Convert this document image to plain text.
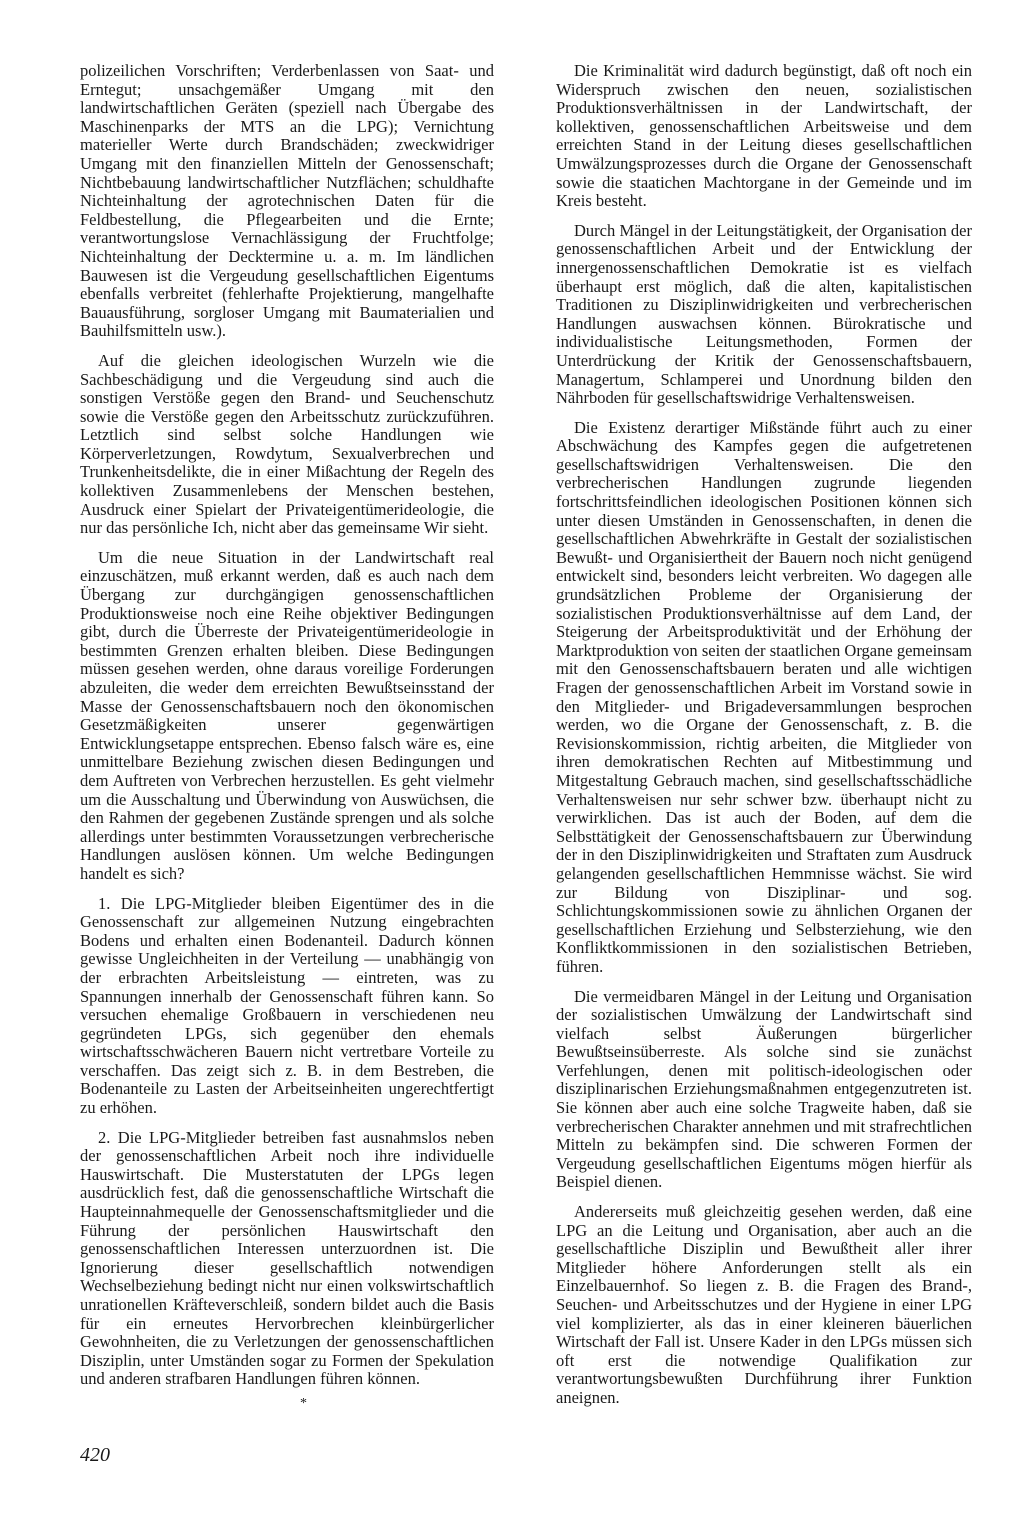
polizeilichen Vorschriften; Verderbenlassen von Saat- und Erntegut; unsachgemäßer Umgang mit den landwirtschaftlichen Geräten (speziell nach Übergabe des Maschinenparks der MTS an die LPG); Vernichtung materieller Werte durch Brandschäden; zweckwidriger Umgang mit den finanziellen Mitteln der Genossenschaft; Nichtbebauung landwirtschaftlicher Nutzflächen; schuldhafte Nichteinhaltung der agrotechnischen Daten für die Feldbestellung, die Pflegearbeiten und die Ernte; verantwortungslose Vernachlässigung der Fruchtfolge; Nichteinhaltung der Decktermine u. a. m. Im ländlichen Bauwesen ist die Vergeudung gesellschaftlichen Eigentums ebenfalls verbreitet (fehlerhafte Projektierung, mangelhafte Bauausführung, sorgloser Umgang mit Baumaterialien und Bauhilfsmitteln usw.).

Auf die gleichen ideologischen Wurzeln wie die Sachbeschädigung und die Vergeudung sind auch die sonstigen Verstöße gegen den Brand- und Seuchenschutz sowie die Verstöße gegen den Arbeitsschutz zurückzuführen. Letztlich sind selbst solche Handlungen wie Körperverletzungen, Rowdytum, Sexualverbrechen und Trunkenheitsdelikte, die in einer Mißachtung der Regeln des kollektiven Zusammenlebens der Menschen bestehen, Ausdruck einer Spielart der Privateigentümerideologie, die nur das persönliche Ich, nicht aber das gemeinsame Wir sieht.

Um die neue Situation in der Landwirtschaft real einzuschätzen, muß erkannt werden, daß es auch nach dem Übergang zur durchgängigen genossenschaftlichen Produktionsweise noch eine Reihe objektiver Bedingungen gibt, durch die Überreste der Privateigentümerideologie in bestimmten Grenzen erhalten bleiben. Diese Bedingungen müssen gesehen werden, ohne daraus voreilige Forderungen abzuleiten, die weder dem erreichten Bewußtseinsstand der Masse der Genossenschaftsbauern noch den ökonomischen Gesetzmäßigkeiten unserer gegenwärtigen Entwicklungsetappe entsprechen. Ebenso falsch wäre es, eine unmittelbare Beziehung zwischen diesen Bedingungen und dem Auftreten von Verbrechen herzustellen. Es geht vielmehr um die Ausschaltung und Überwindung von Auswüchsen, die den Rahmen der gegebenen Zustände sprengen und als solche allerdings unter bestimmten Voraussetzungen verbrecherische Handlungen auslösen können. Um welche Bedingungen handelt es sich?

1. Die LPG-Mitglieder bleiben Eigentümer des in die Genossenschaft zur allgemeinen Nutzung eingebrachten Bodens und erhalten einen Bodenanteil. Dadurch können gewisse Ungleichheiten in der Verteilung — unabhängig von der erbrachten Arbeitsleistung — eintreten, was zu Spannungen innerhalb der Genossenschaft führen kann. So versuchen ehemalige Großbauern in verschiedenen neu gegründeten LPGs, sich gegenüber den ehemals wirtschaftsschwächeren Bauern nicht vertretbare Vorteile zu verschaffen. Das zeigt sich z. B. in dem Bestreben, die Bodenanteile zu Lasten der Arbeitseinheiten ungerechtfertigt zu erhöhen.

2. Die LPG-Mitglieder betreiben fast ausnahmslos neben der genossenschaftlichen Arbeit noch ihre individuelle Hauswirtschaft. Die Musterstatuten der LPGs legen ausdrücklich fest, daß die genossenschaftliche Wirtschaft die Haupteinnahmequelle der Genossenschaftsmitglieder und die Führung der persönlichen Hauswirtschaft den genossenschaftlichen Interessen unterzuordnen ist. Die Ignorierung dieser gesellschaftlich notwendigen Wechselbeziehung bedingt nicht nur einen volkswirtschaftlich unrationellen Kräfteverschleiß, sondern bildet auch die Basis für ein erneutes Hervorbrechen kleinbürgerlicher Gewohnheiten, die zu Verletzungen der genossenschaftlichen Disziplin, unter Umständen sogar zu Formen der Spekulation und anderen strafbaren Handlungen führen können.

Die Kriminalität wird dadurch begünstigt, daß oft noch ein Widerspruch zwischen den neuen, sozialistischen Produktionsverhältnissen in der Landwirtschaft, der kollektiven, genossenschaftlichen Arbeitsweise und dem erreichten Stand in der Leitung dieses gesellschaftlichen Umwälzungsprozesses durch die Organe der Genossenschaft sowie die staatichen Machtorgane in der Gemeinde und im Kreis besteht.

Durch Mängel in der Leitungstätigkeit, der Organisation der genossenschaftlichen Arbeit und der Entwicklung der innergenossenschaftlichen Demokratie ist es vielfach überhaupt erst möglich, daß die alten, kapitalistischen Traditionen zu Disziplinwidrigkeiten und verbrecherischen Handlungen auswachsen können. Bürokratische und individualistische Leitungsmethoden, Formen der Unterdrückung der Kritik der Genossenschaftsbauern, Managertum, Schlamperei und Unordnung bilden den Nährboden für gesellschaftswidrige Verhaltensweisen.

Die Existenz derartiger Mißstände führt auch zu einer Abschwächung des Kampfes gegen die aufgetretenen gesellschaftswidrigen Verhaltensweisen. Die den verbrecherischen Handlungen zugrunde liegenden fortschrittsfeindlichen ideologischen Positionen können sich unter diesen Umständen in Genossenschaften, in denen die gesellschaftlichen Abwehrkräfte in Gestalt der sozialistischen Bewußt- und Organisiertheit der Bauern noch nicht genügend entwickelt sind, besonders leicht verbreiten. Wo dagegen alle grundsätzlichen Probleme der Organisierung der sozialistischen Produktionsverhältnisse auf dem Land, der Steigerung der Arbeitsproduktivität und der Erhöhung der Marktproduktion von seiten der staatlichen Organe gemeinsam mit den Genossenschaftsbauern beraten und alle wichtigen Fragen der genossenschaftlichen Arbeit im Vorstand sowie in den Mitglieder- und Brigadeversammlungen besprochen werden, wo die Organe der Genossenschaft, z. B. die Revisionskommission, richtig arbeiten, die Mitglieder von ihren demokratischen Rechten auf Mitbestimmung und Mitgestaltung Gebrauch machen, sind gesellschaftsschädliche Verhaltensweisen nur sehr schwer bzw. überhaupt nicht zu verwirklichen. Das ist auch der Boden, auf dem die Selbsttätigkeit der Genossenschaftsbauern zur Überwindung der in den Disziplinwidrigkeiten und Straftaten zum Ausdruck gelangenden gesellschaftlichen Hemmnisse wächst. Sie wird zur Bildung von Disziplinar- und sog. Schlichtungskommissionen sowie zu ähnlichen Organen der gesellschaftlichen Erziehung und Selbsterziehung, wie den Konfliktkommissionen in den sozialistischen Betrieben, führen.

Die vermeidbaren Mängel in der Leitung und Organisation der sozialistischen Umwälzung der Landwirtschaft sind vielfach selbst Äußerungen bürgerlicher Bewußtseinsüberreste. Als solche sind sie zunächst Verfehlungen, denen mit politisch-ideologischen oder disziplinarischen Erziehungsmaßnahmen entgegenzutreten ist. Sie können aber auch eine solche Tragweite haben, daß sie verbrecherischen Charakter annehmen und mit strafrechtlichen Mitteln zu bekämpfen sind. Die schweren Formen der Vergeudung gesellschaftlichen Eigentums mögen hierfür als Beispiel dienen.

Andererseits muß gleichzeitig gesehen werden, daß eine LPG an die Leitung und Organisation, aber auch an die gesellschaftliche Disziplin und Bewußtheit aller ihrer Mitglieder höhere Anforderungen stellt als ein Einzelbauernhof. So liegen z. B. die Fragen des Brand-, Seuchen- und Arbeitsschutzes und der Hygiene in einer LPG viel komplizierter, als das in einer kleineren bäuerlichen Wirtschaft der Fall ist. Unsere Kader in den LPGs müssen sich oft erst die notwendige Qualifikation zur verantwortungsbewußten Durchführung ihrer Funktion aneignen.

*
420
